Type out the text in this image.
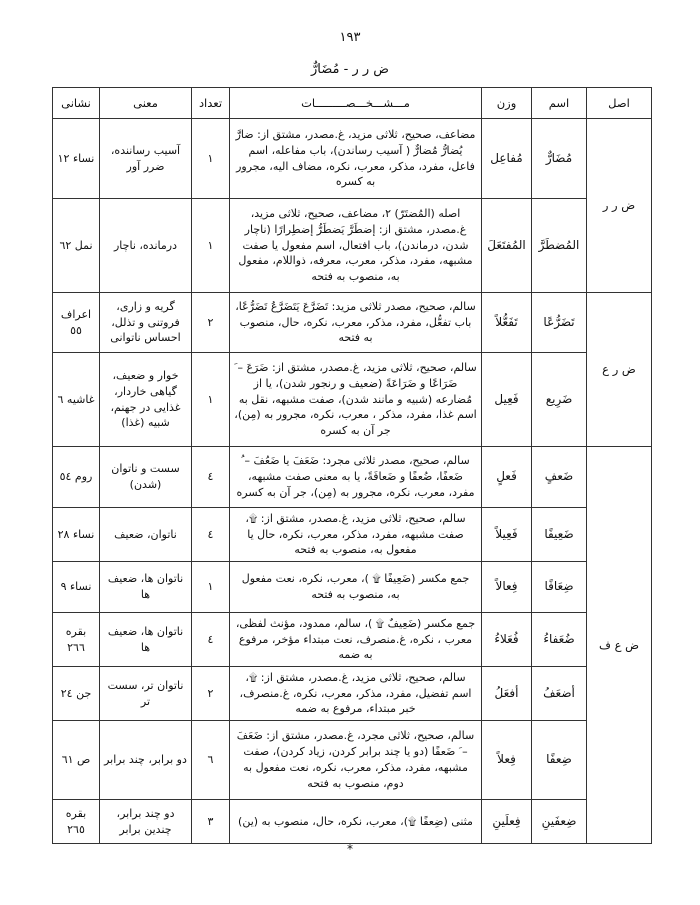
١٩٣
ض ر ر - مُضَارٌّ
اصل	اسم	وزن	مـــشـــخـــصـــــــــات	تعداد	معنی	نشانی
ض ر ر	مُضَارٌّ	مُفاعِل	مضاعف، صحیح، ثلاثی مزید، غ.مصدر، مشتق از: ضارَّ یُضارُّ مُضارٌّ ( آسیب رساندن)، باب مفاعله، اسم فاعل، مفرد، مذکر، معرب، نکره، مضاف الیه، مجرور به کسره	١	آسیب رساننده، ضرر آور	نساء ١٢
	المُضطَرَّ	المُفتَعَلَ	اصله (المُضتَرّ) ٢، مضاعف، صحیح، ثلاثی مزید، غ.مصدر، مشتق از: إضطَرَّ یَضطَرُّ إضطِرارًا (ناچار شدن، درماندن)، باب افتعال، اسم مفعول یا صفت مشبهه، مفرد، مذکر، معرب، معرفه، ذواللام، مفعول به، منصوب به فتحه	١	درمانده، ناچار	نمل ٦٢
ض ر ع	تَضَرُّعًا	تَفَعُّلاً	سالم، صحیح، مصدر ثلاثی مزید: تَضَرَّعَ یَتَضَرَّعُ تَضَرُّعًا، باب تفعُّل، مفرد، مذکر، معرب، نکره، حال، منصوب به فتحه	٢	گریه و زاری، فروتنی و تذلل، احساس ناتوانی	اعراف ٥٥
	ضَرِیع	فَعِیل	سالم، صحیح، ثلاثی مزید، غ.مصدر، مشتق از: ضَرَعَ – َ ضَرَاعًا و ضَرَاعَةً (ضعیف و رنجور شدن)، یا از مُضارعه (شبیه و مانند شدن)، صفت مشبهه، نقل به اسم غذا، مفرد، مذکر ، معرب، نکره، مجرور به (مِن)، جر آن به کسره	١	خوار و ضعیف، گیاهی خاردار، غذایی در جهنم، شبیه (غذا)	غاشیه ٦
ض ع ف	ضَعفٍ	فَعلٍ	سالم، صحیح، مصدر ثلاثی مجرد: ضَعَفَ یا ضَعُفَ – ُ ضَعفًا، ضُعفًا و ضَعافَةً، یا به معنی صفت مشبهه، مفرد، معرب، نکره، مجرور به (مِن)، جر آن به کسره	٤	سست و ناتوان (شدن)	روم ٥٤
	ضَعِیفًا	فَعِیلاً	سالم، صحیح، ثلاثی مزید، غ.مصدر، مشتق از: ۩، صفت مشبهه، مفرد، مذکر، معرب، نکره، حال یا مفعول به، منصوب به فتحه	٤	ناتوان، ضعیف	نساء ٢٨
	ضِعَافًا	فِعالاً	جمع مکسر (ضَعِیفًا ۩ )، معرب، نکره، نعت مفعول به، منصوب به فتحه	١	ناتوان ها، ضعیف ها	نساء ٩
	ضُعَفاءُ	فُعَلاءُ	جمع مکسر (ضَعِیفٌ ۩ )، سالم، ممدود، مؤنث لفظی، معرب ، نکره، غ.منصرف، نعت مبتداء مؤخر، مرفوع به ضمه	٤	ناتوان ها، ضعیف ها	بقره ٢٦٦
	أضعَفُ	أفعَلُ	سالم، صحیح، ثلاثی مزید، غ.مصدر، مشتق از: ۩، اسم تفضیل، مفرد، مذکر، معرب، نکره، غ.منصرف، خبر مبتداء، مرفوع به ضمه	٢	ناتوان تر، سست تر	جن ٢٤
	ضِعفًا	فِعلاً	سالم، صحیح، ثلاثی مجرد، غ.مصدر، مشتق از: ضَعَفَ – َ ضَعفًا (دو یا چند برابر کردن، زیاد کردن)، صفت مشبهه، مفرد، مذکر، معرب، نکره، نعت مفعول به دوم، منصوب به فتحه	٦	دو برابر، چند برابر	ص ٦١
	ضِعفَینِ	فِعلَینِ	مثنی (ضِعفًا ۩)، معرب، نکره، حال، منصوب به (ین)	٣	دو چند برابر، چندین برابر	بقره ٢٦٥
*
